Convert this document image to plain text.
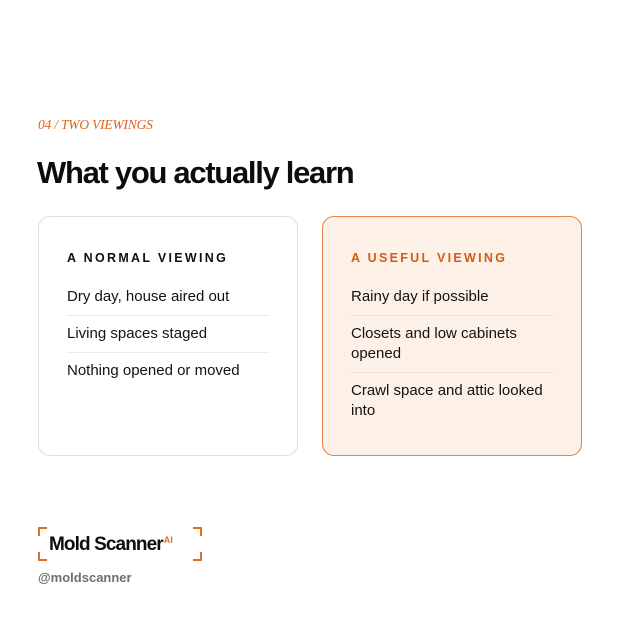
04 / TWO VIEWINGS
What you actually learn
A NORMAL VIEWING
Dry day, house aired out
Living spaces staged
Nothing opened or moved
A USEFUL VIEWING
Rainy day if possible
Closets and low cabinets opened
Crawl space and attic looked into
Mold Scanner$^{AI}$
@moldscanner
